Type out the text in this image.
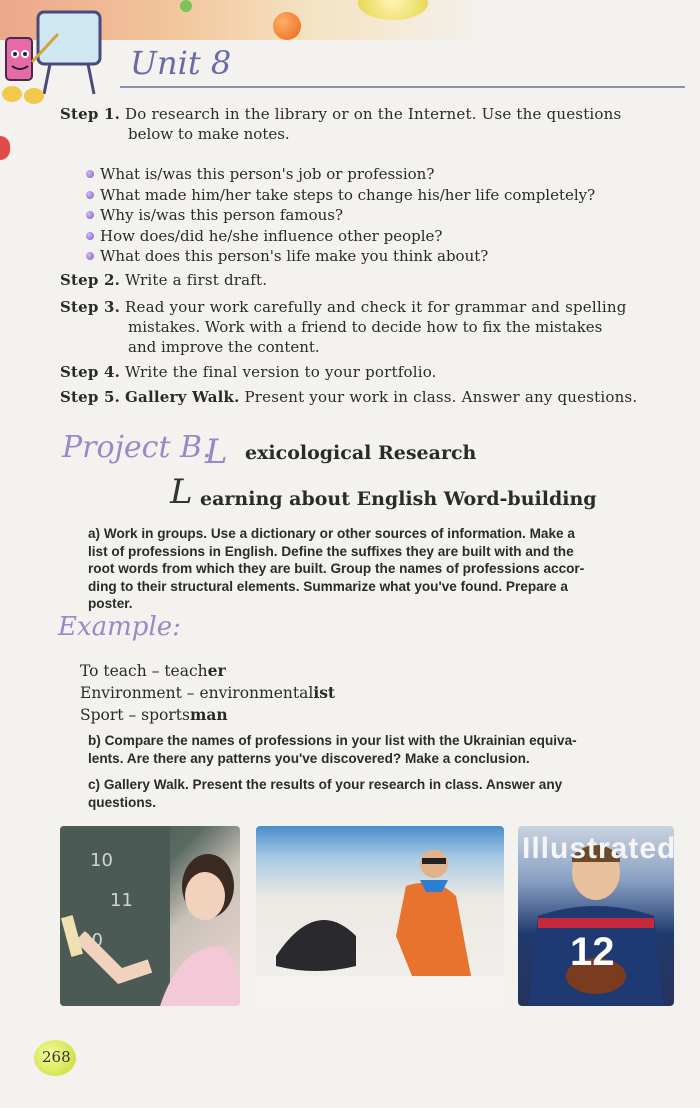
Unit 8
Step 1. Do research in the library or on the Internet. Use the questions
below to make notes.
What is/was this person's job or profession?
What made him/her take steps to change his/her life completely?
Why is/was this person famous?
How does/did he/she influence other people?
What does this person's life make you think about?
Step 2. Write a first draft.
Step 3. Read your work carefully and check it for grammar and spelling
mistakes. Work with a friend to decide how to fix the mistakes
and improve the content.
Step 4. Write the final version to your portfolio.
Step 5. Gallery Walk. Present your work in class. Answer any questions.
Project B.
L exicological Research
L earning about English Word-building
a) Work in groups. Use a dictionary or other sources of information. Make a
list of professions in English. Define the suffixes they are built with and the
root words from which they are built. Group the names of professions accor-
ding to their structural elements. Summarize what you've found. Prepare a
poster.
Example:
To teach – teacher
Environment – environmentalist
Sport – sportsman
b) Compare the names of professions in your list with the Ukrainian equiva-
lents. Are there any patterns you've discovered? Make a conclusion.
c) Gallery Walk. Present the results of your research in class. Answer any
questions.
10
11
30
Illustrated
12
268
